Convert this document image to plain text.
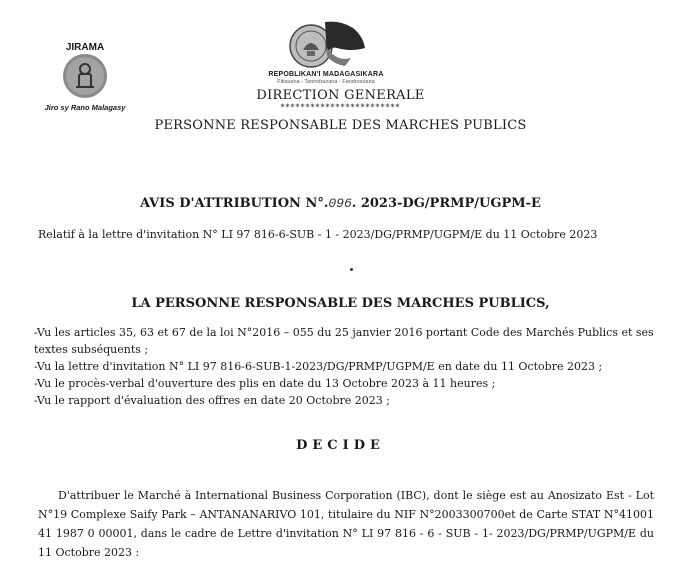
JIRAMA
Jiro sy Rano Malagasy
REPOBLIKAN'I MADAGASIKARA
Fitiavana - Tanindrazana - Fandrosoana
DIRECTION GENERALE
************************
PERSONNE RESPONSABLE DES MARCHES PUBLICS
AVIS D'ATTRIBUTION N°.096. 2023-DG/PRMP/UGPM-E
Relatif à la lettre d'invitation N° LI 97 816-6-SUB - 1 - 2023/DG/PRMP/UGPM/E du 11 Octobre 2023
LA PERSONNE RESPONSABLE DES MARCHES PUBLICS,
-Vu les articles 35, 63 et 67 de la loi N°2016 – 055 du 25 janvier 2016 portant Code des Marchés Publics et ses
textes subséquents ;
-Vu la lettre d'invitation N° LI 97 816-6-SUB-1-2023/DG/PRMP/UGPM/E en date du 11 Octobre 2023 ;
-Vu le procès-verbal d'ouverture des plis en date du 13 Octobre 2023 à 11 heures ;
-Vu le rapport d'évaluation des offres en date 20 Octobre 2023 ;
DECIDE
D'attribuer le Marché à International Business Corporation (IBC), dont le siège est au Anosizato Est - Lot N°19 Complexe Saify Park – ANTANANARIVO 101, titulaire du NIF N°2003300700et de Carte STAT N°41001 41 1987 0 00001, dans le cadre de Lettre d'invitation N° LI 97 816 - 6 - SUB - 1- 2023/DG/PRMP/UGPM/E du 11 Octobre 2023 :
